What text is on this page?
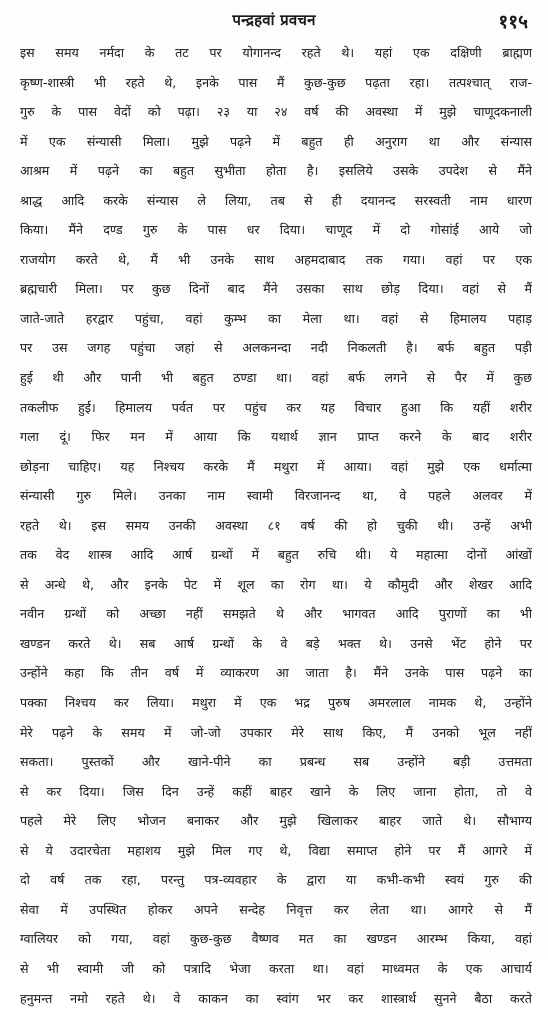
पन्द्रहवां प्रवचन	११५
इस समय नर्मदा के तट पर योगानन्द रहते थे। यहां एक दक्षिणी ब्राह्मण
कृष्ण-शास्त्री भी रहते थे, इनके पास मैं कुछ-कुछ पढ़ता रहा। तत्पश्चात् राज-
गुरु के पास वेदों को पढ़ा। २३ या २४ वर्ष की अवस्था में मुझे चाणूदकनाली
में एक संन्यासी मिला। मुझे पढ़ने में बहुत ही अनुराग था और संन्यास
आश्रम में पढ़ने का बहुत सुभीता होता है। इसलिये उसके उपदेश से मैंने
श्राद्ध आदि करके संन्यास ले लिया, तब से ही दयानन्द सरस्वती नाम धारण
किया। मैंने दण्ड गुरु के पास धर दिया। चाणूद में दो गोसांई आये जो
राजयोग करते थे, मैं भी उनके साथ अहमदाबाद तक गया। वहां पर एक
ब्रह्मचारी मिला। पर कुछ दिनों बाद मैंने उसका साथ छोड़ दिया। वहां से मैं
जाते-जाते हरद्वार पहुंचा, वहां कुम्भ का मेला था। वहां से हिमालय पहाड़
पर उस जगह पहुंचा जहां से अलकनन्दा नदी निकलती है। बर्फ बहुत पड़ी
हुई थी और पानी भी बहुत ठण्डा था। वहां बर्फ लगने से पैर में कुछ
तकलीफ हुई। हिमालय पर्वत पर पहुंच कर यह विचार हुआ कि यहीं शरीर
गला दूं। फिर मन में आया कि यथार्थ ज्ञान प्राप्त करने के बाद शरीर
छोड़ना चाहिए। यह निश्चय करके मैं मथुरा में आया। वहां मुझे एक धर्मात्मा
संन्यासी गुरु मिले। उनका नाम स्वामी विरजानन्द था, वे पहले अलवर में
रहते थे। इस समय उनकी अवस्था ८१ वर्ष की हो चुकी थी। उन्हें अभी
तक वेद शास्त्र आदि आर्ष ग्रन्थों में बहुत रुचि थी। ये महात्मा दोनों आंखों
से अन्धे थे, और इनके पेट में शूल का रोग था। ये कौमुदी और शेखर आदि
नवीन ग्रन्थों को अच्छा नहीं समझते थे और भागवत आदि पुराणों का भी
खण्डन करते थे। सब आर्ष ग्रन्थों के वे बड़े भक्त थे। उनसे भेंट होने पर
उन्होंने कहा कि तीन वर्ष में व्याकरण आ जाता है। मैंने उनके पास पढ़ने का
पक्का निश्चय कर लिया। मथुरा में एक भद्र पुरुष अमरलाल नामक थे, उन्होंने
मेरे पढ़ने के समय में जो-जो उपकार मेरे साथ किए, मैं उनको भूल नहीं
सकता। पुस्तकों और खाने-पीने का प्रबन्ध सब उन्होंने बड़ी उत्तमता
से कर दिया। जिस दिन उन्हें कहीं बाहर खाने के लिए जाना होता, तो वे
पहले मेरे लिए भोजन बनाकर और मुझे खिलाकर बाहर जाते थे। सौभाग्य
से ये उदारचेता महाशय मुझे मिल गए थे, विद्या समाप्त होने पर मैं आगरे में
दो वर्ष तक रहा, परन्तु पत्र-व्यवहार के द्वारा या कभी-कभी स्वयं गुरु की
सेवा में उपस्थित होकर अपने सन्देह निवृत्त कर लेता था। आगरे से मैं
ग्वालियर को गया, वहां कुछ-कुछ वैष्णव मत का खण्डन आरम्भ किया, वहां
से भी स्वामी जी को पत्रादि भेजा करता था। वहां माध्वमत के एक आचार्य
हनुमन्त नमो रहते थे। वे काकन का स्वांग भर कर शास्त्रार्थ सुनने बैठा करते
